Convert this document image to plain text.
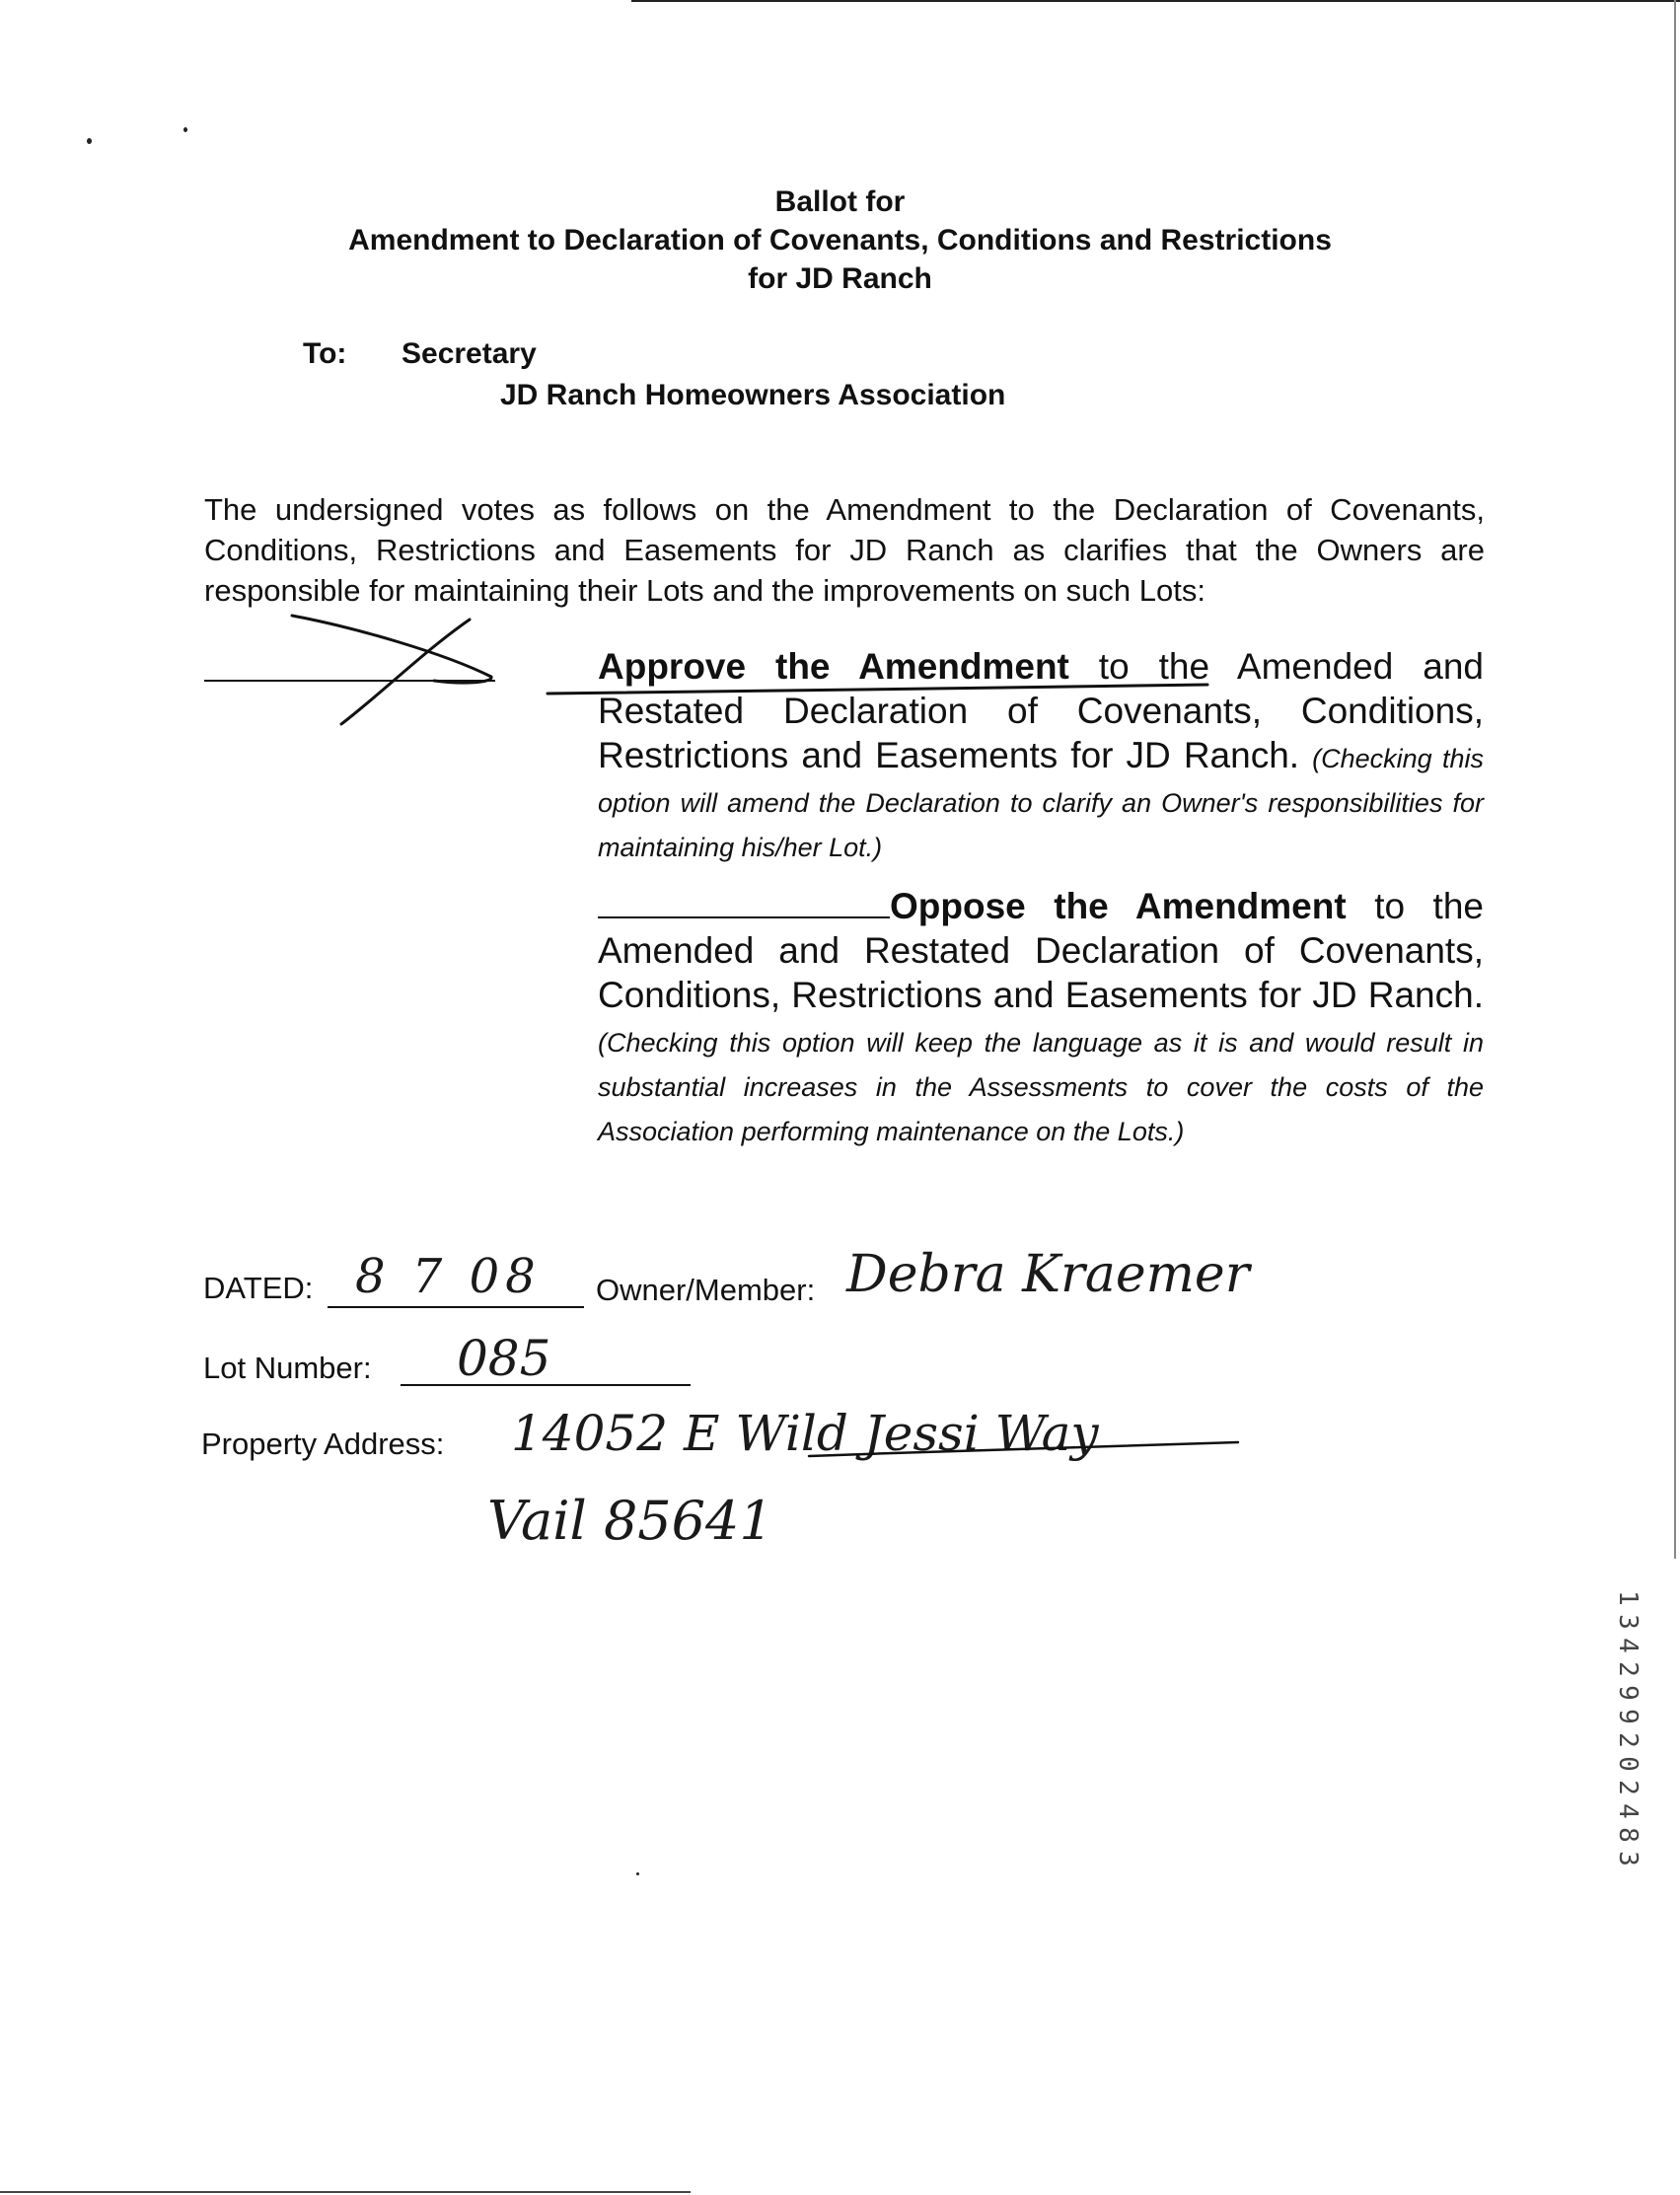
Ballot for
Amendment to Declaration of Covenants, Conditions and Restrictions
for JD Ranch
To: Secretary
JD Ranch Homeowners Association
The undersigned votes as follows on the Amendment to the Declaration of Covenants, Conditions, Restrictions and Easements for JD Ranch as clarifies that the Owners are responsible for maintaining their Lots and the improvements on such Lots:
Approve the Amendment to the Amended and Restated Declaration of Covenants, Conditions, Restrictions and Easements for JD Ranch. (Checking this option will amend the Declaration to clarify an Owner's responsibilities for maintaining his/her Lot.)
Oppose the Amendment to the Amended and Restated Declaration of Covenants, Conditions, Restrictions and Easements for JD Ranch. (Checking this option will keep the language as it is and would result in substantial increases in the Assessments to cover the costs of the Association performing maintenance on the Lots.)
DATED: 8 7 08 Owner/Member: Debra Kraemer
Lot Number: 085
Property Address: 14052 E Wild Jessi Way
Vail 85641
1
3
4
2
9
9
2
0
2
4
8
3
